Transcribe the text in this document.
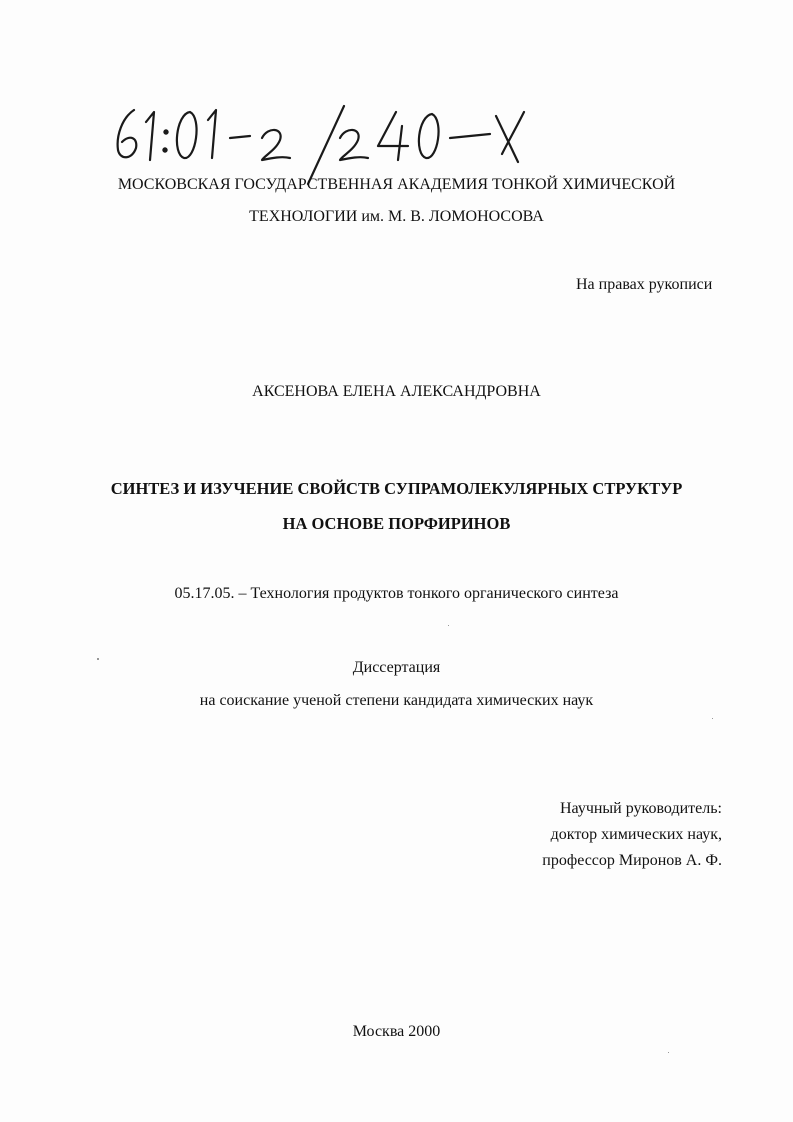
МОСКОВСКАЯ ГОСУДАРСТВЕННАЯ АКАДЕМИЯ ТОНКОЙ ХИМИЧЕСКОЙ
ТЕХНОЛОГИИ им. М. В. ЛОМОНОСОВА
На правах рукописи
АКСЕНОВА ЕЛЕНА АЛЕКСАНДРОВНА
СИНТЕЗ И ИЗУЧЕНИЕ СВОЙСТВ СУПРАМОЛЕКУЛЯРНЫХ СТРУКТУР
НА ОСНОВЕ ПОРФИРИНОВ
05.17.05. – Технология продуктов тонкого органического синтеза
Диссертация
на соискание ученой степени кандидата химических наук
Научный руководитель:
доктор химических наук,
профессор Миронов А. Ф.
Москва 2000
